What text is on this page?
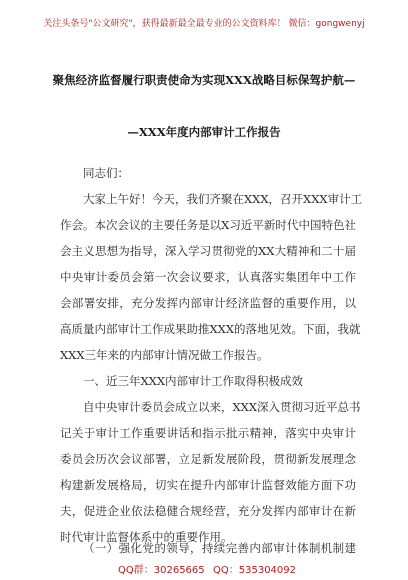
关注头条号"公文研究"，获得最新最全最专业的公文资料库！ 微信：gongwenyj
聚焦经济监督履行职责使命为实现XXX战略目标保驾护航—
—XXX年度内部审计工作报告
同志们：
大家上午好！今天，我们齐聚在XXX，召开XXX审计工
作会。本次会议的主要任务是以X习近平新时代中国特色社
会主义思想为指导，深入学习贯彻党的XX大精神和二十届
中央审计委员会第一次会议要求，认真落实集团年中工作
会部署安排，充分发挥内部审计经济监督的重要作用，以
高质量内部审计工作成果助推XXX的落地见效。下面，我就
XXX三年来的内部审计情况做工作报告。
一、近三年XXX内部审计工作取得积极成效
自中央审计委员会成立以来，XXX深入贯彻习近平总书
记关于审计工作重要讲话和指示批示精神，落实中央审计
委员会历次会议部署，立足新发展阶段，贯彻新发展理念
构建新发展格局，切实在提升内部审计监督效能方面下功
夫，促进企业依法稳健合规经营，充分发挥内部审计在新
时代审计监督体系中的重要作用。
（一）强化党的领导，持续完善内部审计体制机制建
QQ群：30265665 QQ：535304092
